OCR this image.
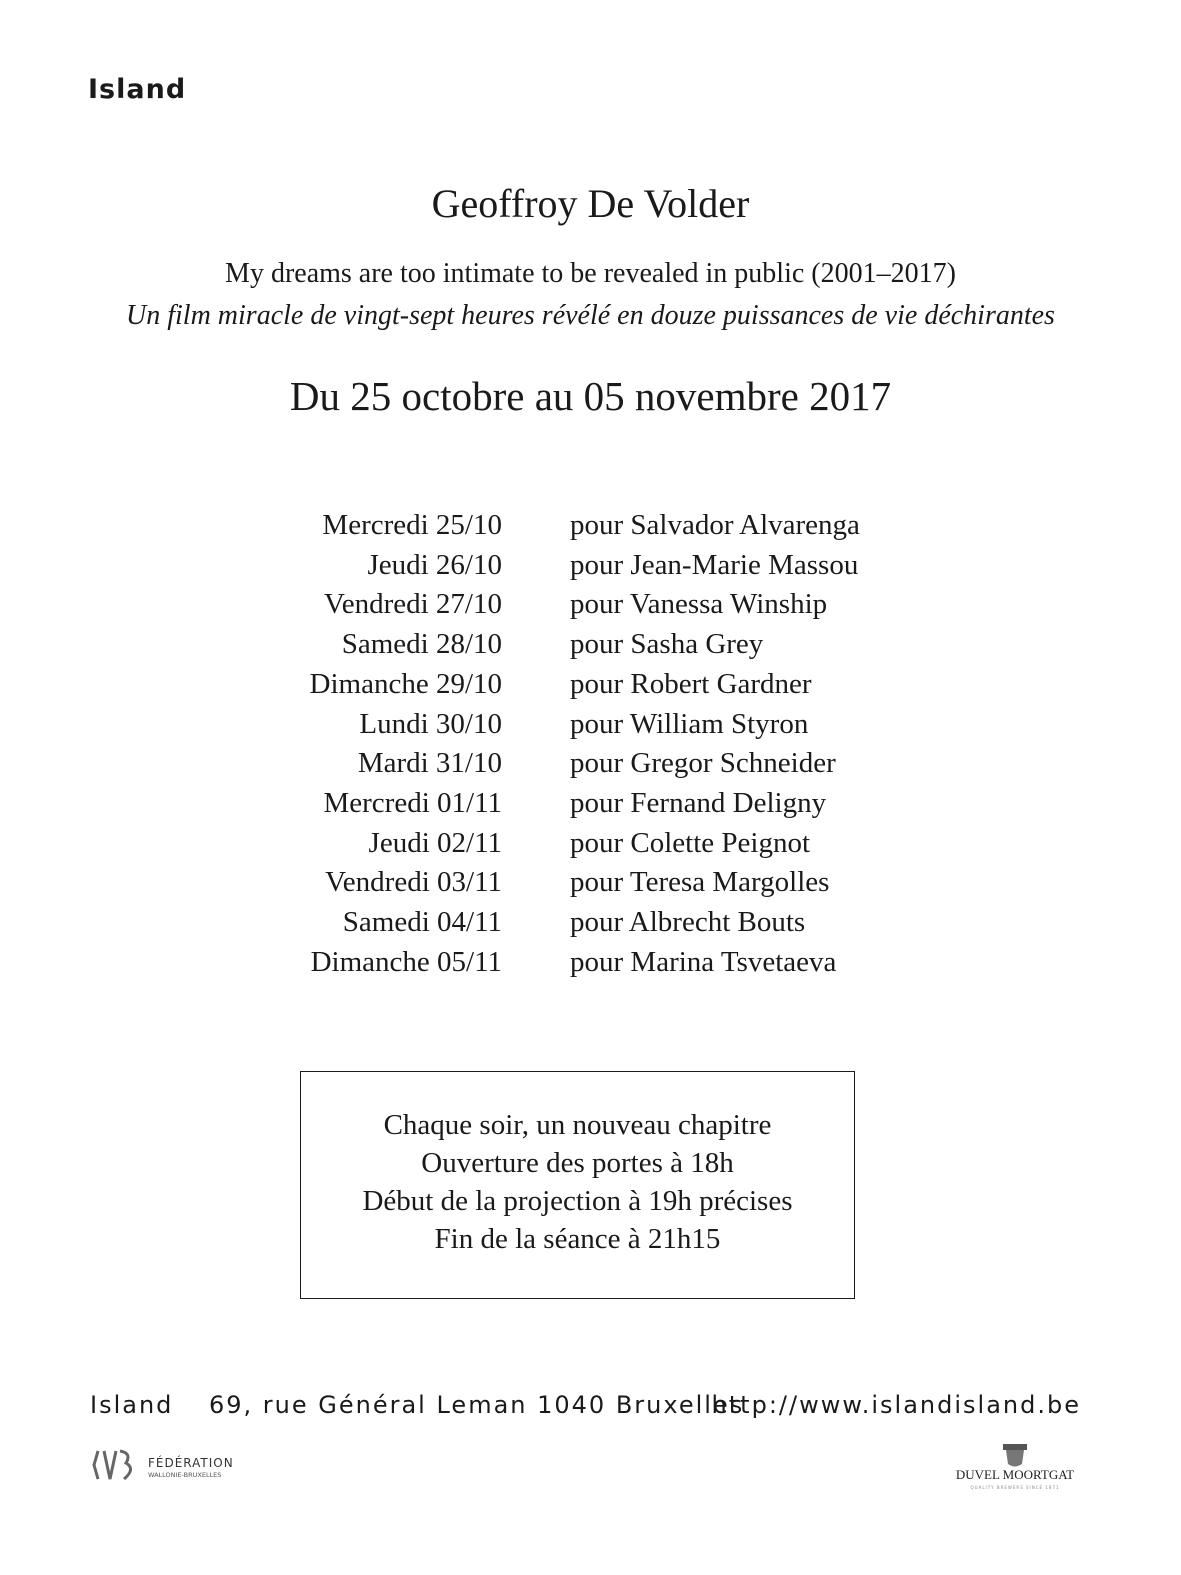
Island
Geoffroy De Volder
My dreams are too intimate to be revealed in public (2001–2017)
Un film miracle de vingt-sept heures révélé en douze puissances de vie déchirantes
Du 25 octobre au 05 novembre 2017
Mercredi 25/10	pour Salvador Alvarenga
Jeudi 26/10	pour Jean-Marie Massou
Vendredi 27/10	pour Vanessa Winship
Samedi 28/10	pour Sasha Grey
Dimanche 29/10	pour Robert Gardner
Lundi 30/10	pour William Styron
Mardi 31/10	pour Gregor Schneider
Mercredi 01/11	pour Fernand Deligny
Jeudi 02/11	pour Colette Peignot
Vendredi 03/11	pour Teresa Margolles
Samedi 04/11	pour Albrecht Bouts
Dimanche 05/11	pour Marina Tsvetaeva
Chaque soir, un nouveau chapitre
Ouverture des portes à 18h
Début de la projection à 19h précises
Fin de la séance à 21h15
Island 69, rue Général Leman 1040 Bruxelles
http://www.islandisland.be
FÉDÉRATION
WALLONIE-BRUXELLES	DUVEL MOORTGAT
QUALITY BREWERS SINCE 1871
